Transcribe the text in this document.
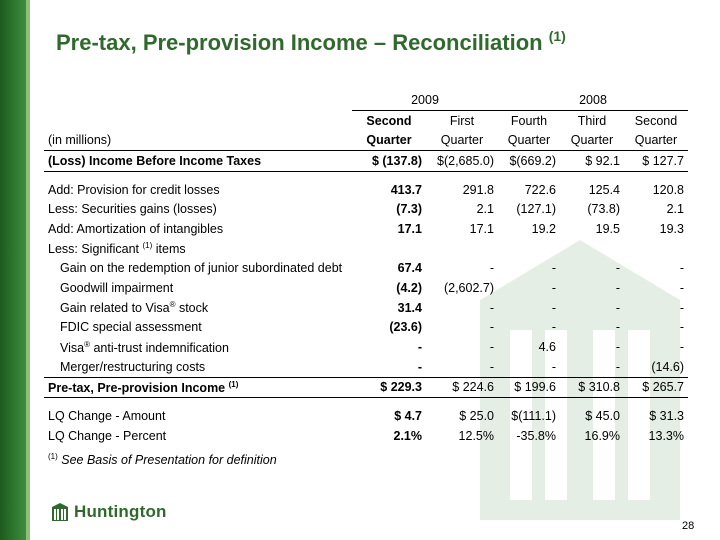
Pre-tax, Pre-provision Income – Reconciliation $^{(1)}$
	2009		2008		
	Second	First	Fourth	Third	Second
(in millions)	Quarter	Quarter	Quarter	Quarter	Quarter
(Loss) Income Before Income Taxes	$ (137.8)	$(2,685.0)	$(669.2)	$ 92.1	$ 127.7

Add: Provision for credit losses	413.7	291.8	722.6	125.4	120.8
Less: Securities gains (losses)	(7.3)	2.1	(127.1)	(73.8)	2.1
Add: Amortization of intangibles	17.1	17.1	19.2	19.5	19.3
Less: Significant $^{(1)}$ items					
Gain on the redemption of junior subordinated debt	67.4	-	-	-	-
Goodwill impairment	(4.2)	(2,602.7)	-	-	-
Gain related to Visa® stock	31.4	-	-	-	-
FDIC special assessment	(23.6)	-	-	-	-
Visa® anti-trust indemnification	-	-	4.6	-	-
Merger/restructuring costs	-	-	-	-	(14.6)
Pre-tax, Pre-provision Income $^{(1)}$	$ 229.3	$ 224.6	$ 199.6	$ 310.8	$ 265.7

LQ Change - Amount	$ 4.7	$ 25.0	$(111.1)	$ 45.0	$ 31.3
LQ Change - Percent	2.1%	12.5%	-35.8%	16.9%	13.3%
$^{(1)}$ See Basis of Presentation for definition
Huntington
28
